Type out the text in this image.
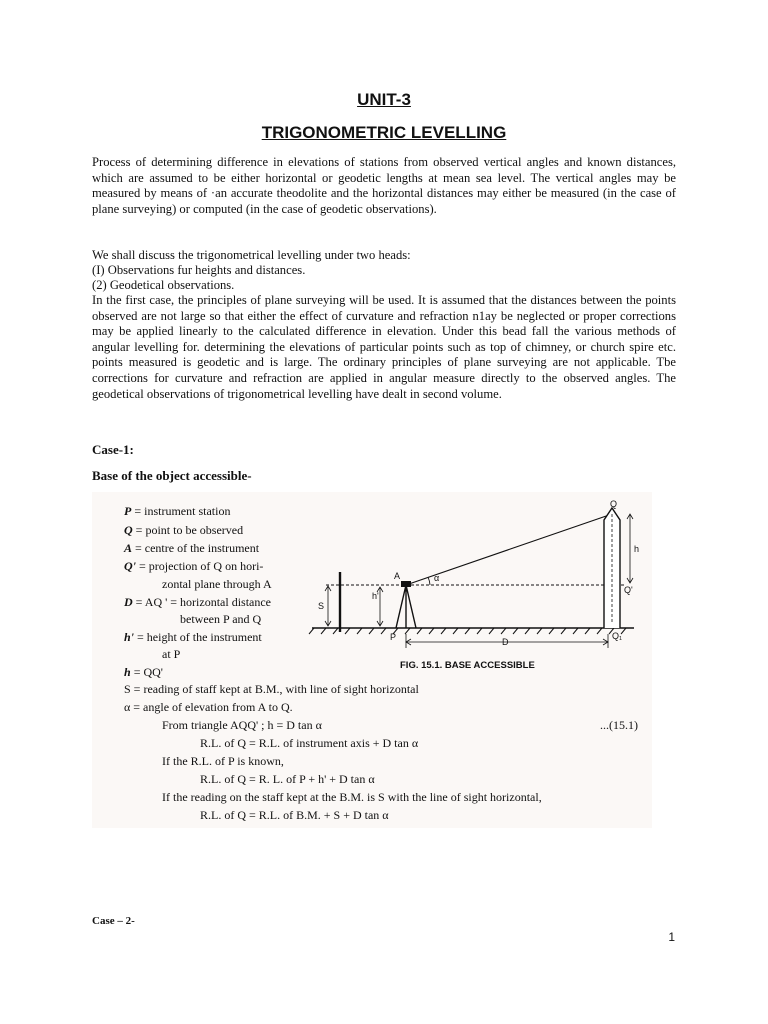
UNIT-3
TRIGONOMETRIC LEVELLING

Process of determining difference in elevations of stations from observed vertical angles and known distances, which are assumed to be either horizontal or geodetic lengths at mean sea level. The vertical angles may be measured by means of ·an accurate theodolite and the horizontal distances may either be measured (in the case of plane surveying) or computed (in the case of geodetic observations).

We shall discuss the trigonometrical levelling under two heads:

(I) Observations fur heights and distances.

(2) Geodetical observations.

In the first case, the principles of plane surveying will be used. It is assumed that the distances between the points observed are not large so that either the effect of curvature and refraction n1ay be neglected or proper corrections may be applied linearly to the calculated difference in elevation. Under this bead fall the various methods of angular levelling for. determining the elevations of particular points such as top of chimney, or church spire etc. points measured is geodetic and is large. The ordinary principles of plane surveying are not applicable. Tbe corrections for curvature and refraction are applied in angular measure directly to the observed angles. The geodetical observations of trigonometrical levelling have dealt in second volume.

Case-1:

Base of the object accessible-

P = instrument station
Q = point to be observed
A = centre of the instrument
Q' = projection of Q on hori-
zontal plane through A
D = AQ ' = horizontal distance
between P and Q
h' = height of the instrument
at P
h = QQ'
Q
A	α
h
Q'
S
h'
P	D
Q₁
FIG. 15.1. BASE ACCESSIBLE
S = reading of staff kept at B.M., with line of sight horizontal
α = angle of elevation from A to Q.
From triangle AQQ' ; h = D tan α	...(15.1)
R.L. of Q = R.L. of instrument axis + D tan α
If the R.L. of P is known,
R.L. of Q = R. L. of P + h' + D tan α
If the reading on the staff kept at the B.M. is S with the line of sight horizontal,
R.L. of Q = R.L. of B.M. + S + D tan α

Case – 2-

1
